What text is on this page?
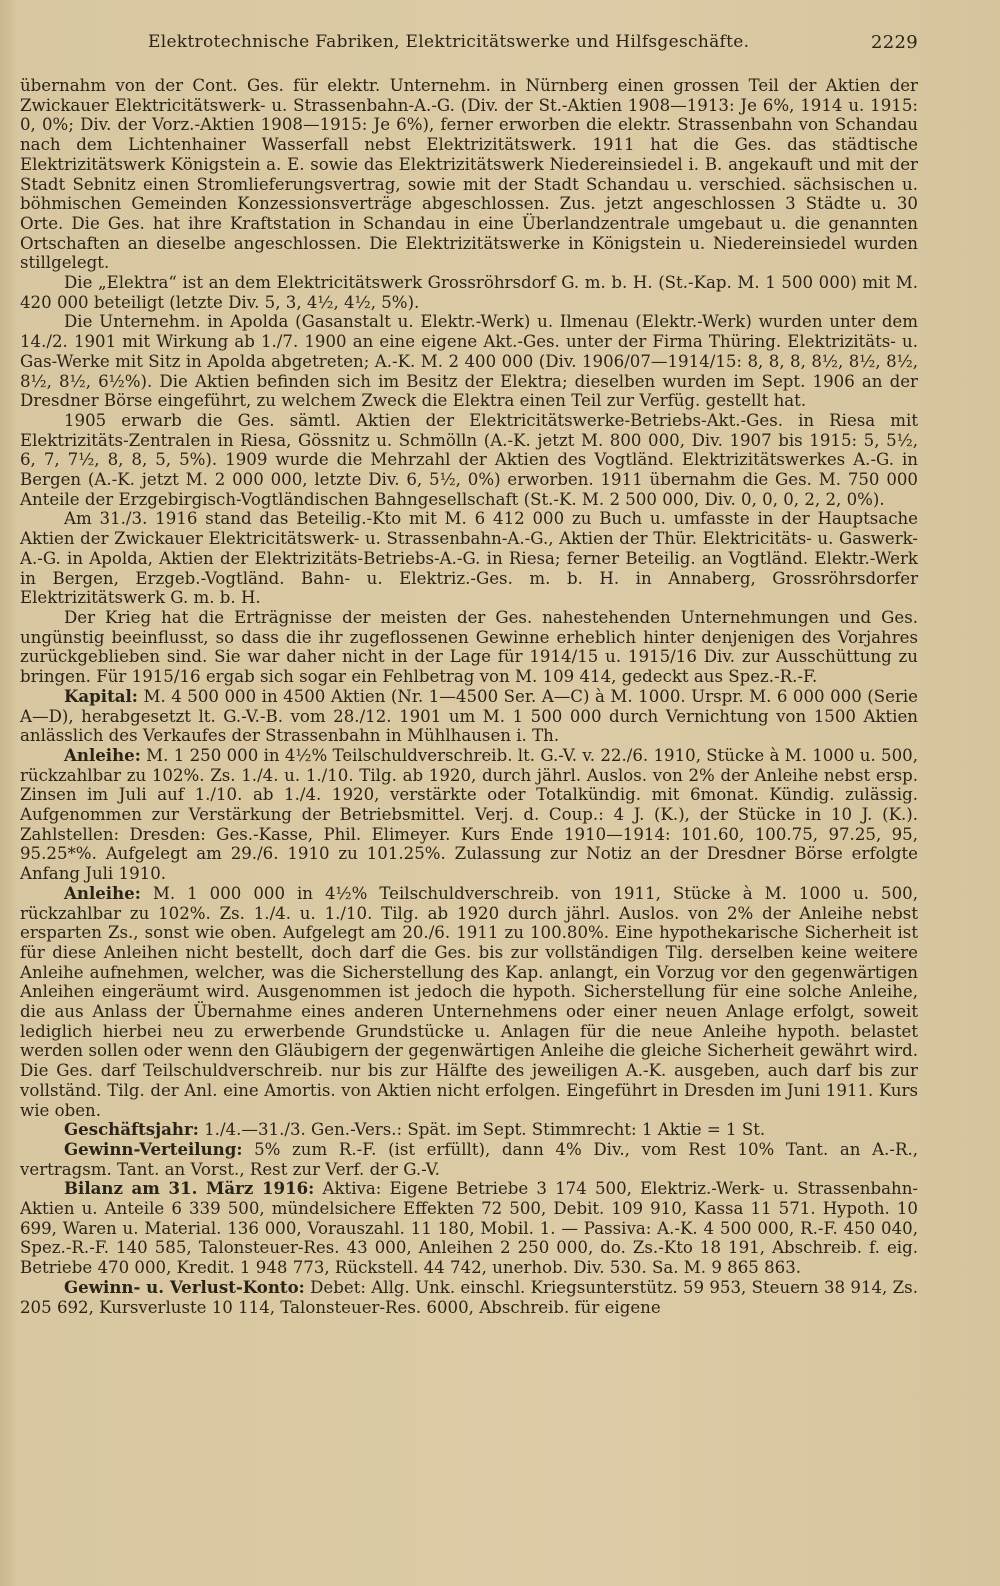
Elektrotechnische Fabriken, Elektricitätswerke und Hilfsgeschäfte.	2229

übernahm von der Cont. Ges. für elektr. Unternehm. in Nürnberg einen grossen Teil der Aktien der Zwickauer Elektricitätswerk- u. Strassenbahn-A.-G. (Div. der St.-Aktien 1908—1913: Je 6%, 1914 u. 1915: 0, 0%; Div. der Vorz.-Aktien 1908—1915: Je 6%), ferner erworben die elektr. Strassenbahn von Schandau nach dem Lichtenhainer Wasserfall nebst Elektrizitätswerk. 1911 hat die Ges. das städtische Elektrizitätswerk Königstein a. E. sowie das Elektrizitätswerk Niedereinsiedel i. B. angekauft und mit der Stadt Sebnitz einen Stromlieferungsvertrag, sowie mit der Stadt Schandau u. verschied. sächsischen u. böhmischen Gemeinden Konzessionsverträge abgeschlossen. Zus. jetzt angeschlossen 3 Städte u. 30 Orte. Die Ges. hat ihre Kraftstation in Schandau in eine Überlandzentrale umgebaut u. die genannten Ortschaften an dieselbe angeschlossen. Die Elektrizitätswerke in Königstein u. Niedereinsiedel wurden stillgelegt.

Die „Elektra“ ist an dem Elektricitätswerk Grossröhrsdorf G. m. b. H. (St.-Kap. M. 1 500 000) mit M. 420 000 beteiligt (letzte Div. 5, 3, 4½, 4½, 5%).

Die Unternehm. in Apolda (Gasanstalt u. Elektr.-Werk) u. Ilmenau (Elektr.-Werk) wurden unter dem 14./2. 1901 mit Wirkung ab 1./7. 1900 an eine eigene Akt.-Ges. unter der Firma Thüring. Elektrizitäts- u. Gas-Werke mit Sitz in Apolda abgetreten; A.-K. M. 2 400 000 (Div. 1906/07—1914/15: 8, 8, 8, 8½, 8½, 8½, 8½, 8½, 6½%). Die Aktien befinden sich im Besitz der Elektra; dieselben wurden im Sept. 1906 an der Dresdner Börse eingeführt, zu welchem Zweck die Elektra einen Teil zur Verfüg. gestellt hat.

1905 erwarb die Ges. sämtl. Aktien der Elektricitätswerke-Betriebs-Akt.-Ges. in Riesa mit Elektrizitäts-Zentralen in Riesa, Gössnitz u. Schmölln (A.-K. jetzt M. 800 000, Div. 1907 bis 1915: 5, 5½, 6, 7, 7½, 8, 8, 5, 5%). 1909 wurde die Mehrzahl der Aktien des Vogtländ. Elektrizitätswerkes A.-G. in Bergen (A.-K. jetzt M. 2 000 000, letzte Div. 6, 5½, 0%) erworben. 1911 übernahm die Ges. M. 750 000 Anteile der Erzgebirgisch-Vogtländischen Bahngesellschaft (St.-K. M. 2 500 000, Div. 0, 0, 0, 2, 2, 0%).

Am 31./3. 1916 stand das Beteilig.-Kto mit M. 6 412 000 zu Buch u. umfasste in der Hauptsache Aktien der Zwickauer Elektricitätswerk- u. Strassenbahn-A.-G., Aktien der Thür. Elektricitäts- u. Gaswerk-A.-G. in Apolda, Aktien der Elektrizitäts-Betriebs-A.-G. in Riesa; ferner Beteilig. an Vogtländ. Elektr.-Werk in Bergen, Erzgeb.-Vogtländ. Bahn- u. Elektriz.-Ges. m. b. H. in Annaberg, Grossröhrsdorfer Elektrizitätswerk G. m. b. H.

Der Krieg hat die Erträgnisse der meisten der Ges. nahestehenden Unternehmungen und Ges. ungünstig beeinflusst, so dass die ihr zugeflossenen Gewinne erheblich hinter denjenigen des Vorjahres zurückgeblieben sind. Sie war daher nicht in der Lage für 1914/15 u. 1915/16 Div. zur Ausschüttung zu bringen. Für 1915/16 ergab sich sogar ein Fehlbetrag von M. 109 414, gedeckt aus Spez.-R.-F.

Kapital: M. 4 500 000 in 4500 Aktien (Nr. 1—4500 Ser. A—C) à M. 1000. Urspr. M. 6 000 000 (Serie A—D), herabgesetzt lt. G.-V.-B. vom 28./12. 1901 um M. 1 500 000 durch Vernichtung von 1500 Aktien anlässlich des Verkaufes der Strassenbahn in Mühlhausen i. Th.

Anleihe: M. 1 250 000 in 4½% Teilschuldverschreib. lt. G.-V. v. 22./6. 1910, Stücke à M. 1000 u. 500, rückzahlbar zu 102%. Zs. 1./4. u. 1./10. Tilg. ab 1920, durch jährl. Auslos. von 2% der Anleihe nebst ersp. Zinsen im Juli auf 1./10. ab 1./4. 1920, verstärkte oder Totalkündig. mit 6monat. Kündig. zulässig. Aufgenommen zur Verstärkung der Betriebsmittel. Verj. d. Coup.: 4 J. (K.), der Stücke in 10 J. (K.). Zahlstellen: Dresden: Ges.-Kasse, Phil. Elimeyer. Kurs Ende 1910—1914: 101.60, 100.75, 97.25, 95, 95.25*%. Aufgelegt am 29./6. 1910 zu 101.25%. Zulassung zur Notiz an der Dresdner Börse erfolgte Anfang Juli 1910.

Anleihe: M. 1 000 000 in 4½% Teilschuldverschreib. von 1911, Stücke à M. 1000 u. 500, rückzahlbar zu 102%. Zs. 1./4. u. 1./10. Tilg. ab 1920 durch jährl. Auslos. von 2% der Anleihe nebst ersparten Zs., sonst wie oben. Aufgelegt am 20./6. 1911 zu 100.80%. Eine hypothekarische Sicherheit ist für diese Anleihen nicht bestellt, doch darf die Ges. bis zur vollständigen Tilg. derselben keine weitere Anleihe aufnehmen, welcher, was die Sicherstellung des Kap. anlangt, ein Vorzug vor den gegenwärtigen Anleihen eingeräumt wird. Ausgenommen ist jedoch die hypoth. Sicherstellung für eine solche Anleihe, die aus Anlass der Übernahme eines anderen Unternehmens oder einer neuen Anlage erfolgt, soweit lediglich hierbei neu zu erwerbende Grundstücke u. Anlagen für die neue Anleihe hypoth. belastet werden sollen oder wenn den Gläubigern der gegenwärtigen Anleihe die gleiche Sicherheit gewährt wird. Die Ges. darf Teilschuldverschreib. nur bis zur Hälfte des jeweiligen A.-K. ausgeben, auch darf bis zur vollständ. Tilg. der Anl. eine Amortis. von Aktien nicht erfolgen. Eingeführt in Dresden im Juni 1911. Kurs wie oben.

Geschäftsjahr: 1./4.—31./3. Gen.-Vers.: Spät. im Sept. Stimmrecht: 1 Aktie = 1 St.

Gewinn-Verteilung: 5% zum R.-F. (ist erfüllt), dann 4% Div., vom Rest 10% Tant. an A.-R., vertragsm. Tant. an Vorst., Rest zur Verf. der G.-V.

Bilanz am 31. März 1916: Aktiva: Eigene Betriebe 3 174 500, Elektriz.-Werk- u. Strassenbahn-Aktien u. Anteile 6 339 500, mündelsichere Effekten 72 500, Debit. 109 910, Kassa 11 571. Hypoth. 10 699, Waren u. Material. 136 000, Vorauszahl. 11 180, Mobil. 1. — Passiva: A.-K. 4 500 000, R.-F. 450 040, Spez.-R.-F. 140 585, Talonsteuer-Res. 43 000, Anleihen 2 250 000, do. Zs.-Kto 18 191, Abschreib. f. eig. Betriebe 470 000, Kredit. 1 948 773, Rückstell. 44 742, unerhob. Div. 530. Sa. M. 9 865 863.

Gewinn- u. Verlust-Konto: Debet: Allg. Unk. einschl. Kriegsunterstütz. 59 953, Steuern 38 914, Zs. 205 692, Kursverluste 10 114, Talonsteuer-Res. 6000, Abschreib. für eigene
